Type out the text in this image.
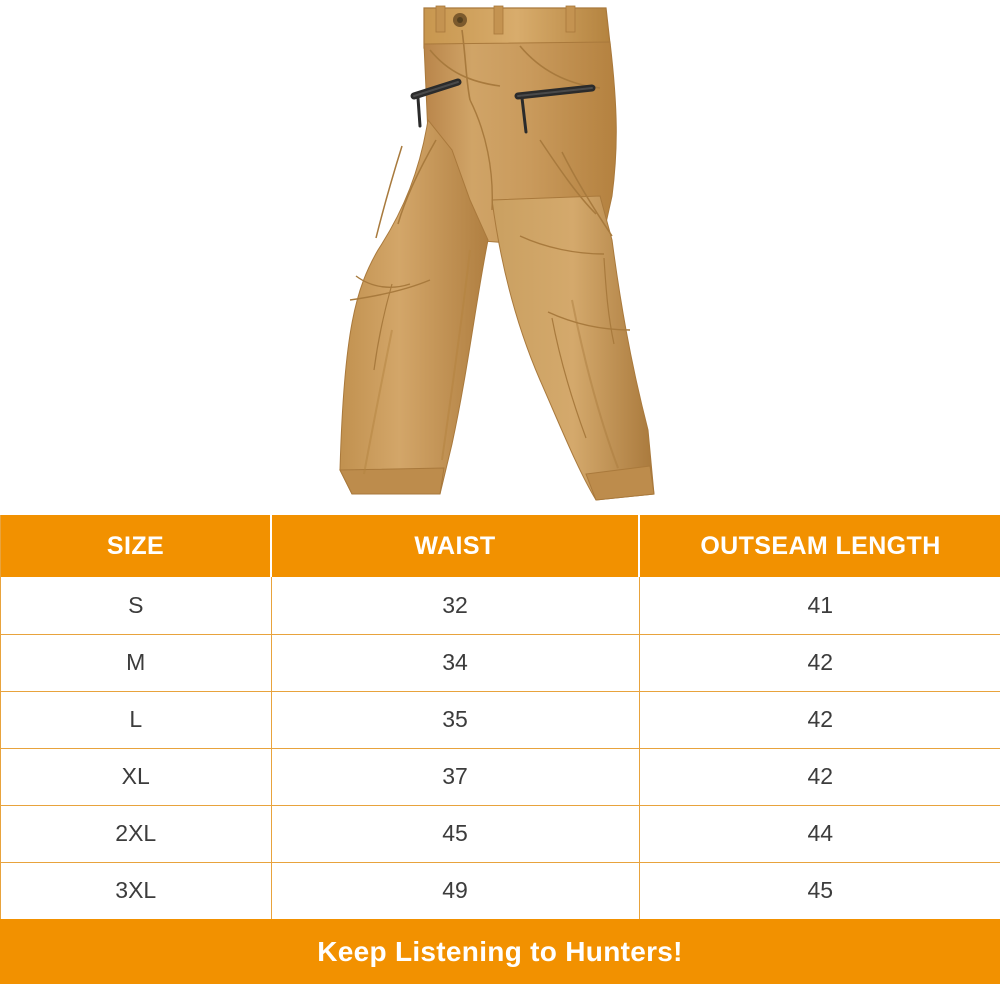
SIZE	WAIST	OUTSEAM LENGTH
S	32	41
M	34	42
L	35	42
XL	37	42
2XL	45	44
3XL	49	45
Keep Listening to Hunters!
